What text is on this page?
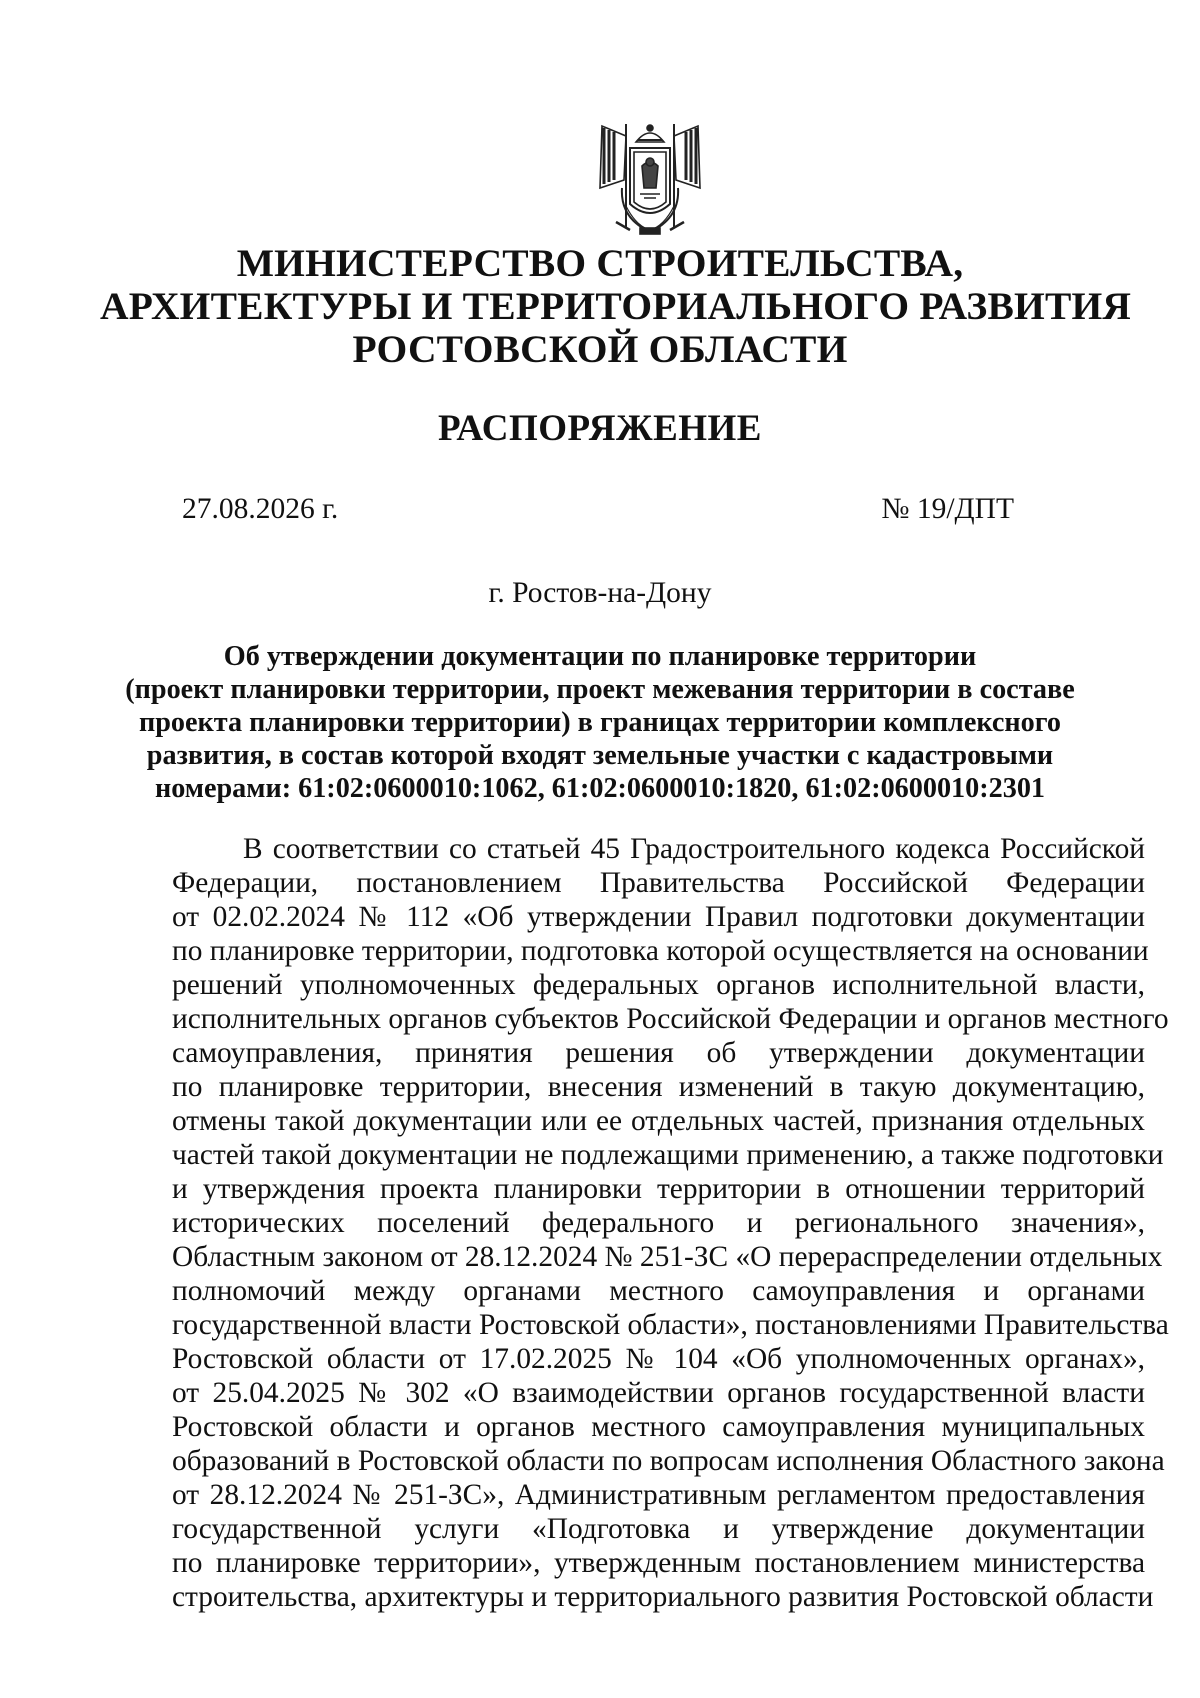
МИНИСТЕРСТВО СТРОИТЕЛЬСТВА,
АРХИТЕКТУРЫ И ТЕРРИТОРИАЛЬНОГО РАЗВИТИЯ
РОСТОВСКОЙ ОБЛАСТИ
РАСПОРЯЖЕНИЕ
27.08.2026 г.	№ 19/ДПТ
г. Ростов-на-Дону
Об утверждении документации по планировке территории
(проект планировки территории, проект межевания территории в составе
проекта планировки территории) в границах территории комплексного
развития, в состав которой входят земельные участки с кадастровыми
номерами: 61:02:0600010:1062, 61:02:0600010:1820, 61:02:0600010:2301
В соответствии со статьей 45 Градостроительного кодекса Российской
Федерации, постановлением Правительства Российской Федерации
от 02.02.2024 № 112 «Об утверждении Правил подготовки документации
по планировке территории, подготовка которой осуществляется на основании
решений уполномоченных федеральных органов исполнительной власти,
исполнительных органов субъектов Российской Федерации и органов местного
самоуправления, принятия решения об утверждении документации
по планировке территории, внесения изменений в такую документацию,
отмены такой документации или ее отдельных частей, признания отдельных
частей такой документации не подлежащими применению, а также подготовки
и утверждения проекта планировки территории в отношении территорий
исторических поселений федерального и регионального значения»,
Областным законом от 28.12.2024 № 251-ЗС «О перераспределении отдельных
полномочий между органами местного самоуправления и органами
государственной власти Ростовской области», постановлениями Правительства
Ростовской области от 17.02.2025 № 104 «Об уполномоченных органах»,
от 25.04.2025 № 302 «О взаимодействии органов государственной власти
Ростовской области и органов местного самоуправления муниципальных
образований в Ростовской области по вопросам исполнения Областного закона
от 28.12.2024 № 251-ЗС», Административным регламентом предоставления
государственной услуги «Подготовка и утверждение документации
по планировке территории», утвержденным постановлением министерства
строительства, архитектуры и территориального развития Ростовской области
